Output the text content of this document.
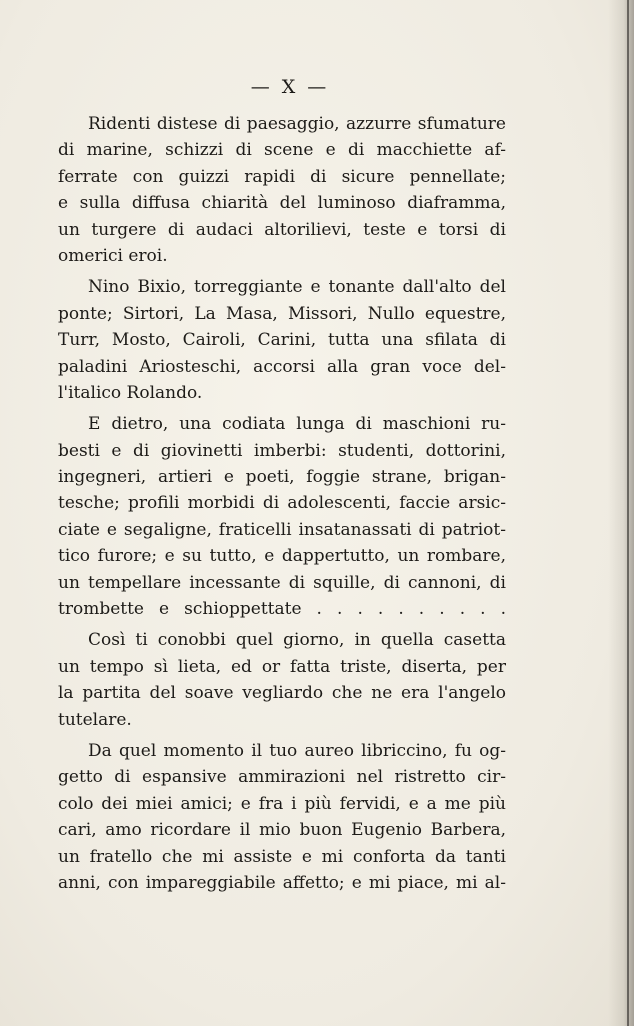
— X —
Ridenti distese di paesaggio, azzurre sfumature
di marine, schizzi di scene e di macchiette af-
ferrate con guizzi rapidi di sicure pennellate;
e sulla diffusa chiarità del luminoso diaframma,
un turgere di audaci altorilievi, teste e torsi di
omerici eroi.
Nino Bixio, torreggiante e tonante dall'alto del
ponte; Sirtori, La Masa, Missori, Nullo equestre,
Turr, Mosto, Cairoli, Carini, tutta una sfilata di
paladini Ariosteschi, accorsi alla gran voce del-
l'italico Rolando.
E dietro, una codiata lunga di maschioni ru-
besti e di giovinetti imberbi: studenti, dottorini,
ingegneri, artieri e poeti, foggie strane, brigan-
tesche; profili morbidi di adolescenti, faccie arsic-
ciate e segaligne, fraticelli insatanassati di patriot-
tico furore; e su tutto, e dappertutto, un rombare,
un tempellare incessante di squille, di cannoni, di
trombette e schioppettate . . . . . . . . . .
Così ti conobbi quel giorno, in quella casetta
un tempo sì lieta, ed or fatta triste, diserta, per
la partita del soave vegliardo che ne era l'angelo
tutelare.
Da quel momento il tuo aureo libriccino, fu og-
getto di espansive ammirazioni nel ristretto cir-
colo dei miei amici; e fra i più fervidi, e a me più
cari, amo ricordare il mio buon Eugenio Barbera,
un fratello che mi assiste e mi conforta da tanti
anni, con impareggiabile affetto; e mi piace, mi al-
